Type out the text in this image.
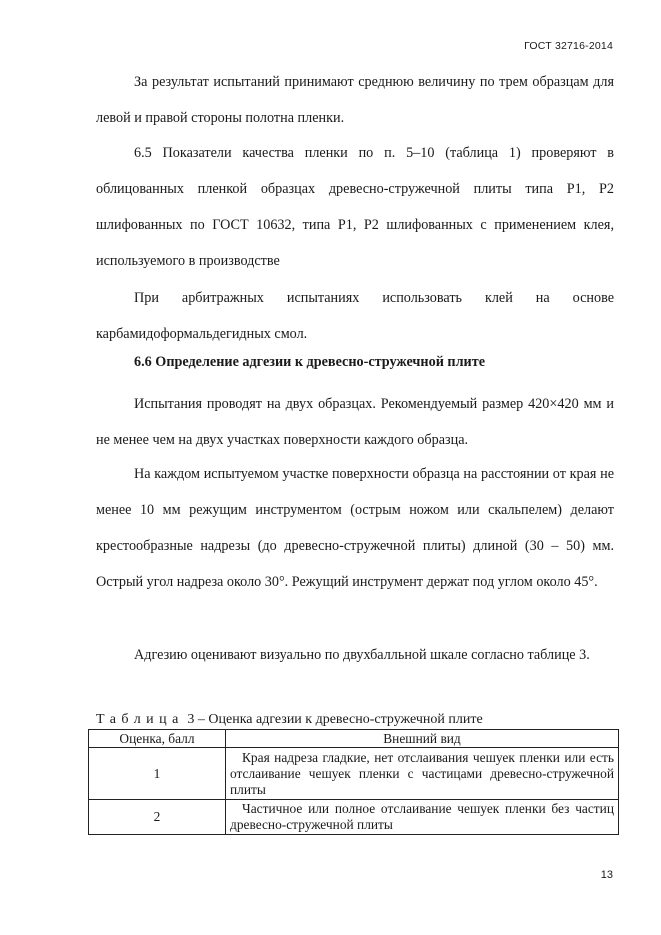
ГОСТ 32716-2014

За результат испытаний принимают среднюю величину по трем образцам для левой и правой стороны полотна пленки.

6.5 Показатели качества пленки по п. 5–10 (таблица 1) проверяют в облицованных пленкой образцах древесно-стружечной плиты типа Р1, Р2 шлифованных по ГОСТ 10632, типа Р1, Р2 шлифованных с применением клея, используемого в производстве

При арбитражных испытаниях использовать клей на основе карбамидоформальдегидных смол.

6.6 Определение адгезии к древесно-стружечной плите

Испытания проводят на двух образцах. Рекомендуемый размер 420×420 мм и не менее чем на двух участках поверхности каждого образца.

На каждом испытуемом участке поверхности образца на расстоянии от края не менее 10 мм режущим инструментом (острым ножом или скальпелем) делают крестообразные надрезы (до древесно-стружечной плиты) длиной (30 – 50) мм. Острый угол надреза около 30°. Режущий инструмент держат под углом около 45°.

Адгезию оценивают визуально по двухбалльной шкале согласно таблице 3.

Таблица 3 – Оценка адгезии к древесно-стружечной плите
Оценка, балл	Внешний вид
1	Края надреза гладкие, нет отслаивания чешуек пленки или есть отслаивание чешуек пленки с частицами древесно-стружечной плиты
2	Частичное или полное отслаивание чешуек пленки без частиц древесно-стружечной плиты
13
